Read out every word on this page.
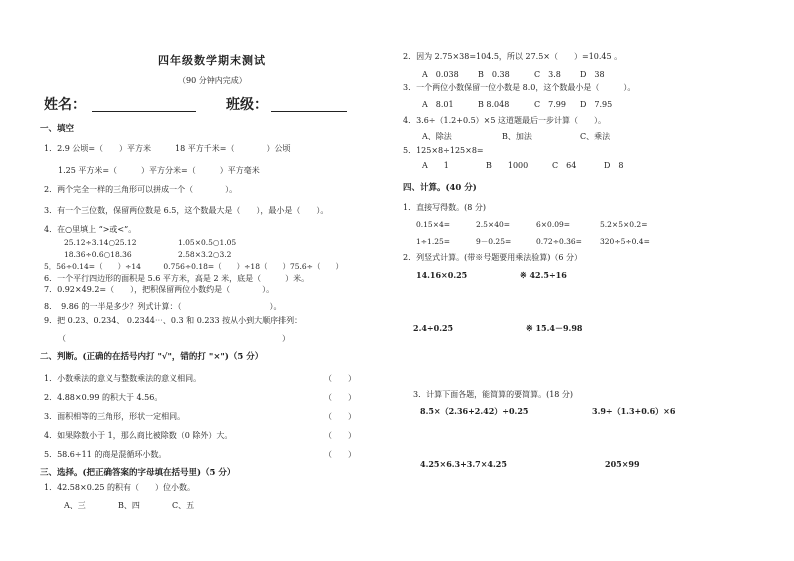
四年级数学期末测试
（90 分钟内完成）
姓名：	班级：
一、填空
1．2.9 公顷=（　　）平方米　　　18 平方千米=（　　　　）公顷
1.25 平方米=（　　　）平方分米=（　　　）平方毫米
2．两个完全一样的三角形可以拼成一个（　　　　）。
3．有一个三位数，保留两位数是 6.5，这个数最大是（　　），最小是（　　）。
4．在○里填上 “>或<”。
25.12÷3.14○25.12	1.05×0.5○1.05
18.36÷0.6○18.36	2.58×3.2○3.2
5．56÷0.14=（　　）÷14　　　0.756÷0.18=（　　）÷18（　　）75.6÷（　　）
6．一个平行四边形的面积是 5.6 平方米，高是 2 米，底是（　　　）米。
7．0.92×49.2=（　　），把积保留两位小数约是（　　　　）。
8．　9.86 的一半是多少？列式计算：（　　　　　　　　　　　）。
9．把 0.23、0.234、 0.2344⋯、0.3 和 0.233 按从小到大顺序排列：
（　　　　　　　　　　　　　　　　　　　　　　　　　　　）
二、判断。(正确的在括号内打 "√"，错的打 "×")（5 分）
1．小数乘法的意义与整数乘法的意义相同。	（　　）
2．4.88×0.99 的积大于 4.56。	（　　）
3．面积相等的三角形，形状一定相同。	（　　）
4．如果除数小于 1，那么商比被除数（0 除外）大。	（　　）
5．58.6÷11 的商是混循环小数。	（　　）
三、选择。(把正确答案的字母填在括号里)（5 分）
1．42.58×0.25 的积有（　　）位小数。
A、三	B、四	C、五
2．因为 2.75×38=104.5，所以 27.5×（　　）=10.45 。
A　0.038 B　0.38	C　3.8 D　38
3．一个两位小数保留一位小数是 8.0，这个数最小是（　　　）。
A　8.01	B 8.048	C　7.99 D　7.95
4．3.6÷（1.2+0.5）×5 这道题最后一步计算（　　）。
A、除法	B、加法	C、乘法
5．125×8÷125×8=
A　　1	B　　1000	C　64	D　8
四、计算。(40 分)
1．直接写得数。(8 分)
0.15×4=	2.5×40=	6×0.09=	5.2×5×0.2=
1÷1.25=	9－0.25=	0.72÷0.36= 320÷5÷0.4=
2．列竖式计算。(带※号题要用乘法验算)（6 分）
14.16×0.25	※ 42.5÷16
2.4÷0.25	※ 15.4－9.98
3．计算下面各题，能简算的要简算。(18 分)
8.5×（2.36+2.42）÷0.25	3.9÷（1.3+0.6）×6
4.25×6.3+3.7×4.25	205×99
